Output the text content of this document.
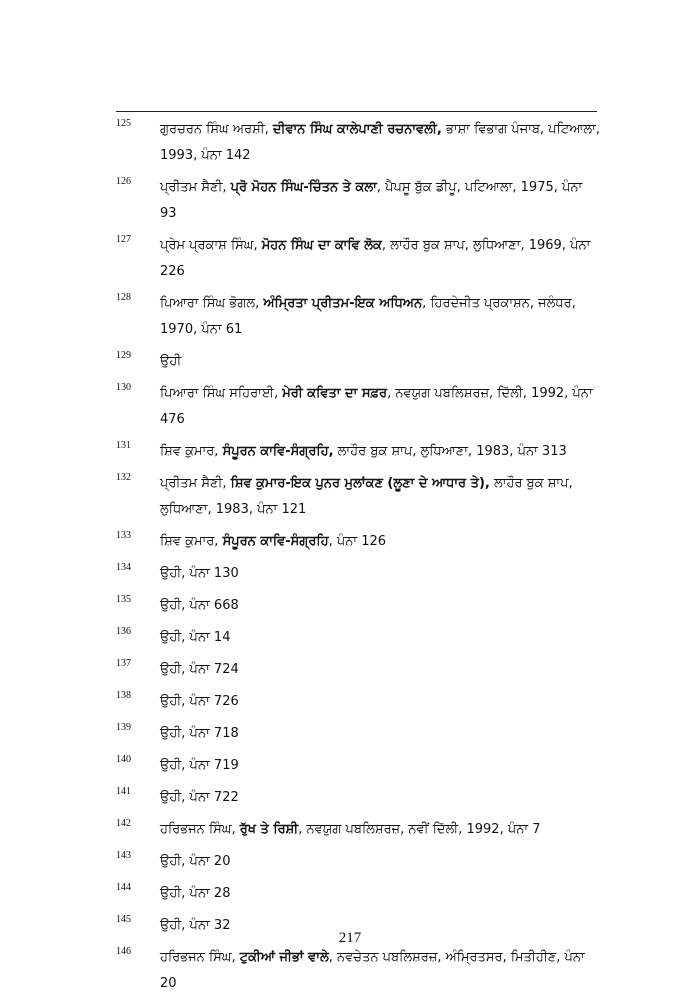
125	ਗੁਰਚਰਨ ਸਿੰਘ ਅਰਸ਼ੀ, ਦੀਵਾਨ ਸਿੰਘ ਕਾਲੇਪਾਣੀ ਰਚਨਾਵਲੀ, ਭਾਸ਼ਾ ਵਿਭਾਗ ਪੰਜਾਬ, ਪਟਿਆਲਾ, 1993, ਪੰਨਾ 142
126	ਪ੍ਰੀਤਮ ਸੈਣੀ, ਪ੍ਰੋ ਮੋਹਨ ਸਿੰਘ-ਚਿੰਤਨ ਤੇ ਕਲਾ, ਪੈਪਸੂ ਬੁੱਕ ਡੀਪੂ, ਪਟਿਆਲਾ, 1975, ਪੰਨਾ 93
127	ਪ੍ਰੇਮ ਪ੍ਰਕਾਸ਼ ਸਿੰਘ, ਮੋਹਨ ਸਿੰਘ ਦਾ ਕਾਵਿ ਲੋਕ, ਲਾਹੌਰ ਬੁਕ ਸ਼ਾਪ, ਲੁਧਿਆਣਾ, 1969, ਪੰਨਾ 226
128	ਪਿਆਰਾ ਸਿੰਘ ਭੋਗਲ, ਅੰਮ੍ਰਿਤਾ ਪ੍ਰੀਤਮ-ਇਕ ਅਧਿਅਨ, ਹਿਰਦੇਜੀਤ ਪ੍ਰਕਾਸ਼ਨ, ਜਲੰਧਰ, 1970, ਪੰਨਾ 61
129	ਉਹੀ
130	ਪਿਆਰਾ ਸਿੰਘ ਸਹਿਰਾਈ, ਮੇਰੀ ਕਵਿਤਾ ਦਾ ਸਫ਼ਰ, ਨਵਯੁਗ ਪਬਲਿਸ਼ਰਜ਼, ਦਿੱਲੀ, 1992, ਪੰਨਾ 476
131	ਸ਼ਿਵ ਕੁਮਾਰ, ਸੰਪੂਰਨ ਕਾਵਿ-ਸੰਗ੍ਰਹਿ, ਲਾਹੌਰ ਬੁਕ ਸ਼ਾਪ, ਲੁਧਿਆਣਾ, 1983, ਪੰਨਾ 313
132	ਪ੍ਰੀਤਮ ਸੈਣੀ, ਸ਼ਿਵ ਕੁਮਾਰ-ਇਕ ਪੁਨਰ ਮੁਲਾਂਕਣ (ਲੂਣਾ ਦੇ ਆਧਾਰ ਤੇ), ਲਾਹੌਰ ਬੁਕ ਸ਼ਾਪ, ਲੁਧਿਆਣਾ, 1983, ਪੰਨਾ 121
133	ਸ਼ਿਵ ਕੁਮਾਰ, ਸੰਪੂਰਨ ਕਾਵਿ-ਸੰਗ੍ਰਹਿ, ਪੰਨਾ 126
134	ਉਹੀ, ਪੰਨਾ 130
135	ਉਹੀ, ਪੰਨਾ 668
136	ਉਹੀ, ਪੰਨਾ 14
137	ਉਹੀ, ਪੰਨਾ 724
138	ਉਹੀ, ਪੰਨਾ 726
139	ਉਹੀ, ਪੰਨਾ 718
140	ਉਹੀ, ਪੰਨਾ 719
141	ਉਹੀ, ਪੰਨਾ 722
142	ਹਰਿਭਜਨ ਸਿੰਘ, ਰੁੱਖ ਤੇ ਰਿਸ਼ੀ, ਨਵਯੁਗ ਪਬਲਿਸ਼ਰਜ਼, ਨਵੀਂ ਦਿੱਲੀ, 1992, ਪੰਨਾ 7
143	ਉਹੀ, ਪੰਨਾ 20
144	ਉਹੀ, ਪੰਨਾ 28
145	ਉਹੀ, ਪੰਨਾ 32
146	ਹਰਿਭਜਨ ਸਿੰਘ, ਟੁਕੀਆਂ ਜੀਭਾਂ ਵਾਲੇ, ਨਵਚੇਤਨ ਪਬਲਿਸ਼ਰਜ਼, ਅੰਮ੍ਰਿਤਸਰ, ਮਿਤੀਹੀਣ, ਪੰਨਾ 20
217
